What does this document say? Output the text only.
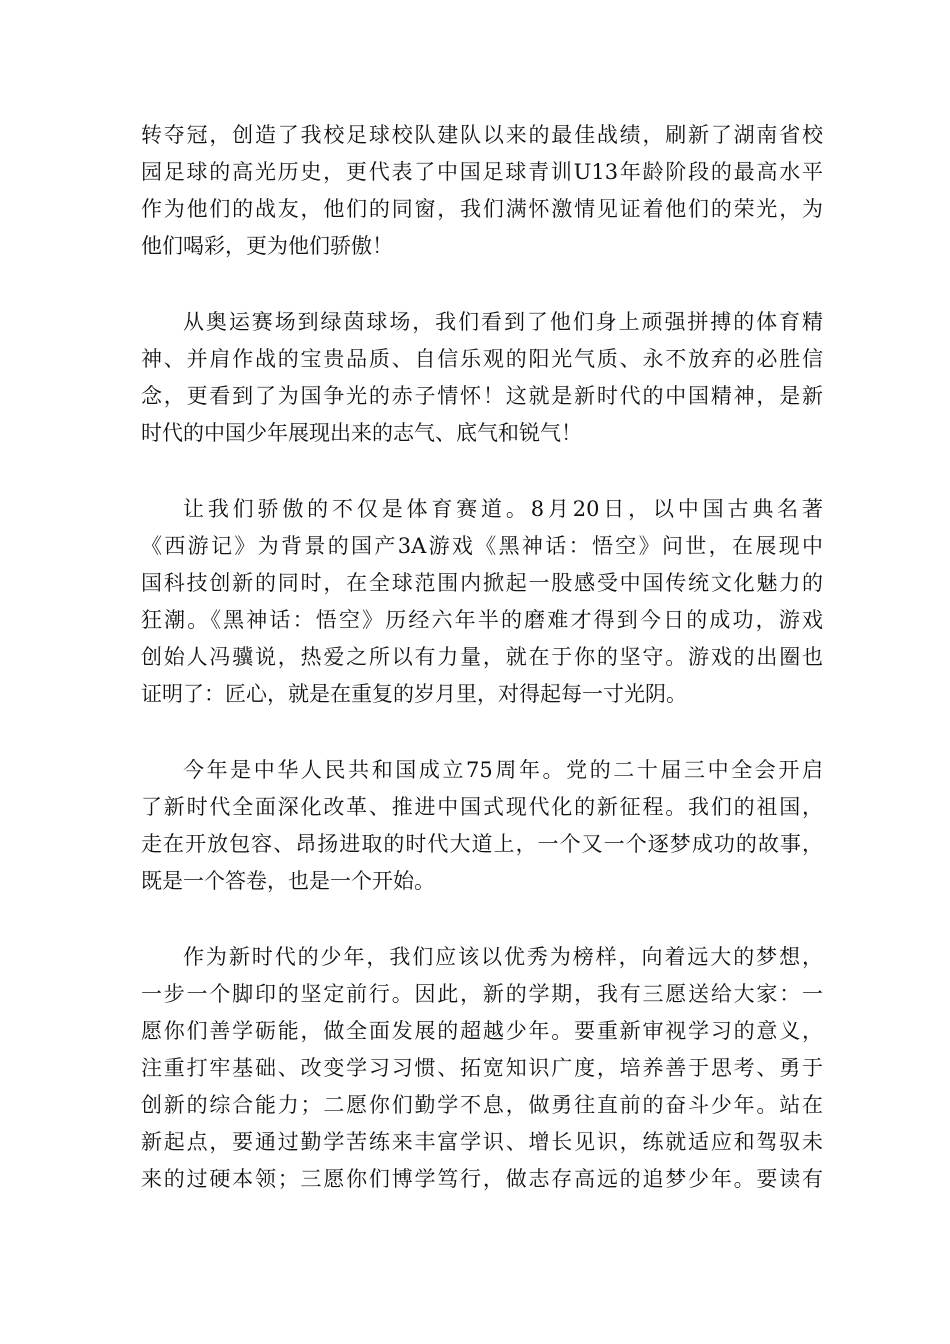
转夺冠，创造了我校足球校队建队以来的最佳战绩，刷新了湖南省校
园足球的高光历史，更代表了中国足球青训U13年龄阶段的最高水平
作为他们的战友，他们的同窗，我们满怀激情见证着他们的荣光，为
他们喝彩，更为他们骄傲！
从奥运赛场到绿茵球场，我们看到了他们身上顽强拼搏的体育精
神、并肩作战的宝贵品质、自信乐观的阳光气质、永不放弃的必胜信
念，更看到了为国争光的赤子情怀！这就是新时代的中国精神，是新
时代的中国少年展现出来的志气、底气和锐气！
让我们骄傲的不仅是体育赛道。8月20日，以中国古典名著
《西游记》为背景的国产3A游戏《黑神话：悟空》问世，在展现中
国科技创新的同时，在全球范围内掀起一股感受中国传统文化魅力的
狂潮。《黑神话：悟空》历经六年半的磨难才得到今日的成功，游戏
创始人冯骥说，热爱之所以有力量，就在于你的坚守。游戏的出圈也
证明了：匠心，就是在重复的岁月里，对得起每一寸光阴。
今年是中华人民共和国成立75周年。党的二十届三中全会开启
了新时代全面深化改革、推进中国式现代化的新征程。我们的祖国，
走在开放包容、昂扬进取的时代大道上，一个又一个逐梦成功的故事，
既是一个答卷，也是一个开始。
作为新时代的少年，我们应该以优秀为榜样，向着远大的梦想，
一步一个脚印的坚定前行。因此，新的学期，我有三愿送给大家：一
愿你们善学砺能，做全面发展的超越少年。要重新审视学习的意义，
注重打牢基础、改变学习习惯、拓宽知识广度，培养善于思考、勇于
创新的综合能力；二愿你们勤学不息，做勇往直前的奋斗少年。站在
新起点，要通过勤学苦练来丰富学识、增长见识，练就适应和驾驭未
来的过硬本领；三愿你们博学笃行，做志存高远的追梦少年。要读有
